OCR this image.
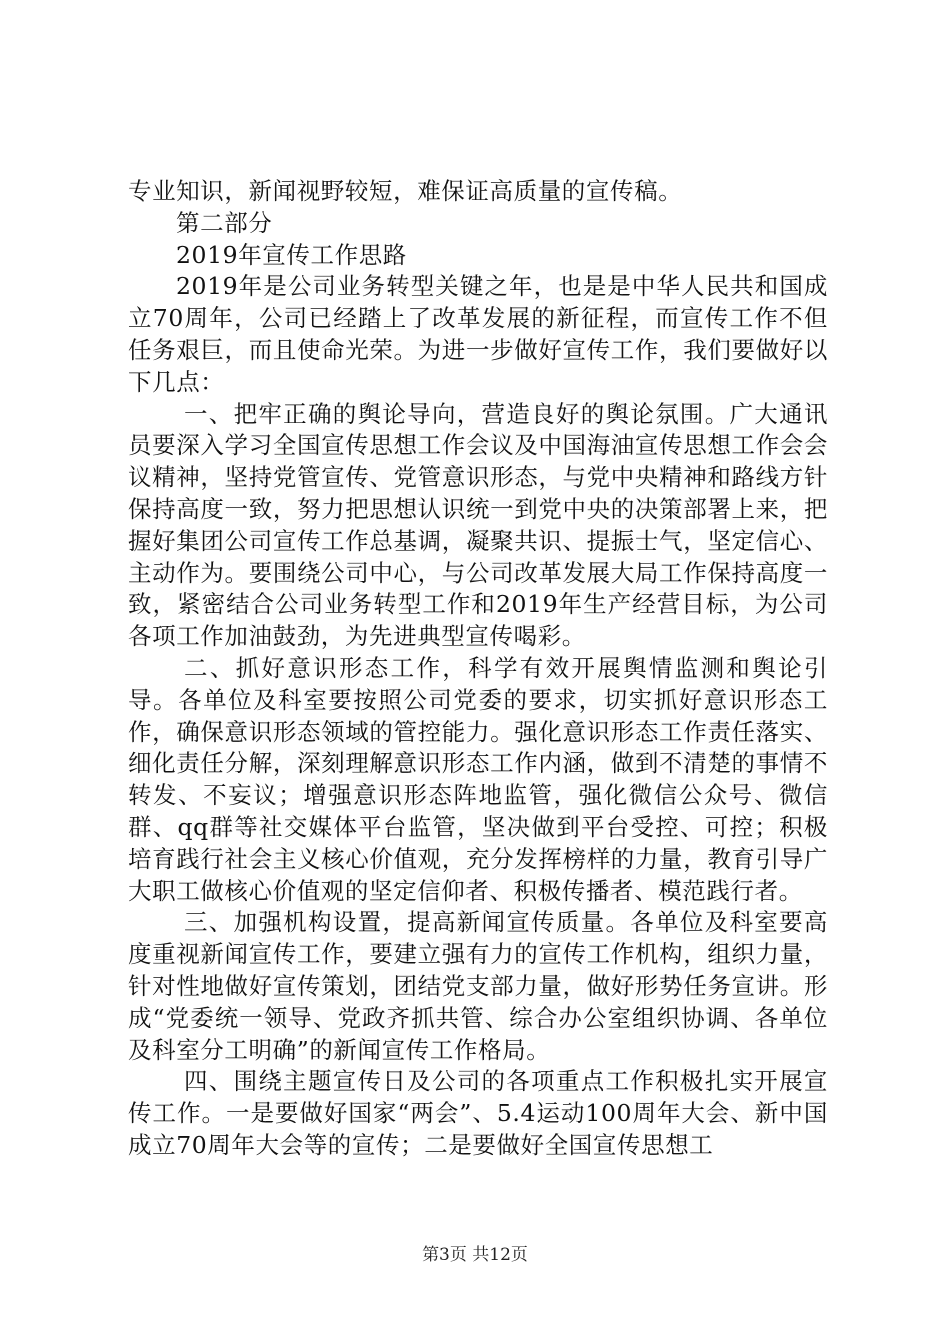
专业知识，新闻视野较短，难保证高质量的宣传稿。

第二部分

2019年宣传工作思路

2019年是公司业务转型关键之年，也是是中华人民共和国成立70周年，公司已经踏上了改革发展的新征程，而宣传工作不但任务艰巨，而且使命光荣。为进一步做好宣传工作，我们要做好以下几点：

一、把牢正确的舆论导向，营造良好的舆论氛围。广大通讯员要深入学习全国宣传思想工作会议及中国海油宣传思想工作会会议精神，坚持党管宣传、党管意识形态，与党中央精神和路线方针保持高度一致，努力把思想认识统一到党中央的决策部署上来，把握好集团公司宣传工作总基调，凝聚共识、提振士气，坚定信心、主动作为。要围绕公司中心，与公司改革发展大局工作保持高度一致，紧密结合公司业务转型工作和2019年生产经营目标，为公司各项工作加油鼓劲，为先进典型宣传喝彩。

二、抓好意识形态工作，科学有效开展舆情监测和舆论引导。各单位及科室要按照公司党委的要求，切实抓好意识形态工作，确保意识形态领域的管控能力。强化意识形态工作责任落实、细化责任分解，深刻理解意识形态工作内涵，做到不清楚的事情不转发、不妄议；增强意识形态阵地监管，强化微信公众号、微信群、qq群等社交媒体平台监管，坚决做到平台受控、可控；积极培育践行社会主义核心价值观，充分发挥榜样的力量，教育引导广大职工做核心价值观的坚定信仰者、积极传播者、模范践行者。

三、加强机构设置，提高新闻宣传质量。各单位及科室要高度重视新闻宣传工作，要建立强有力的宣传工作机构，组织力量，针对性地做好宣传策划，团结党支部力量，做好形势任务宣讲。形成“党委统一领导、党政齐抓共管、综合办公室组织协调、各单位及科室分工明确”的新闻宣传工作格局。

四、围绕主题宣传日及公司的各项重点工作积极扎实开展宣传工作。一是要做好国家“两会”、5.4运动100周年大会、新中国成立70周年大会等的宣传；二是要做好全国宣传思想工

第3页 共12页
